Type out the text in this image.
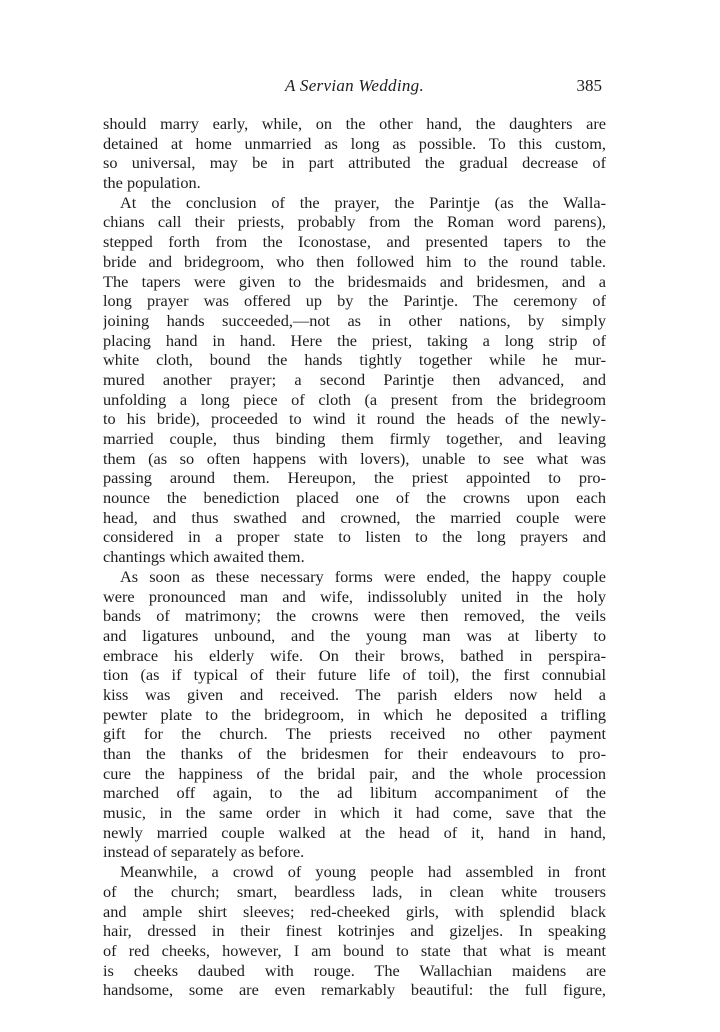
A Servian Wedding.	385
should marry early, while, on the other hand, the daughters are
detained at home unmarried as long as possible. To this custom,
so universal, may be in part attributed the gradual decrease of
the population.
At the conclusion of the prayer, the Parintje (as the Walla-
chians call their priests, probably from the Roman word parens),
stepped forth from the Iconostase, and presented tapers to the
bride and bridegroom, who then followed him to the round table.
The tapers were given to the bridesmaids and bridesmen, and a
long prayer was offered up by the Parintje. The ceremony of
joining hands succeeded,—not as in other nations, by simply
placing hand in hand. Here the priest, taking a long strip of
white cloth, bound the hands tightly together while he mur-
mured another prayer; a second Parintje then advanced, and
unfolding a long piece of cloth (a present from the bridegroom
to his bride), proceeded to wind it round the heads of the newly-
married couple, thus binding them firmly together, and leaving
them (as so often happens with lovers), unable to see what was
passing around them. Hereupon, the priest appointed to pro-
nounce the benediction placed one of the crowns upon each
head, and thus swathed and crowned, the married couple were
considered in a proper state to listen to the long prayers and
chantings which awaited them.
As soon as these necessary forms were ended, the happy couple
were pronounced man and wife, indissolubly united in the holy
bands of matrimony; the crowns were then removed, the veils
and ligatures unbound, and the young man was at liberty to
embrace his elderly wife. On their brows, bathed in perspira-
tion (as if typical of their future life of toil), the first connubial
kiss was given and received. The parish elders now held a
pewter plate to the bridegroom, in which he deposited a trifling
gift for the church. The priests received no other payment
than the thanks of the bridesmen for their endeavours to pro-
cure the happiness of the bridal pair, and the whole procession
marched off again, to the ad libitum accompaniment of the
music, in the same order in which it had come, save that the
newly married couple walked at the head of it, hand in hand,
instead of separately as before.
Meanwhile, a crowd of young people had assembled in front
of the church; smart, beardless lads, in clean white trousers
and ample shirt sleeves; red-cheeked girls, with splendid black
hair, dressed in their finest kotrinjes and gizeljes. In speaking
of red cheeks, however, I am bound to state that what is meant
is cheeks daubed with rouge. The Wallachian maidens are
handsome, some are even remarkably beautiful: the full figure,
